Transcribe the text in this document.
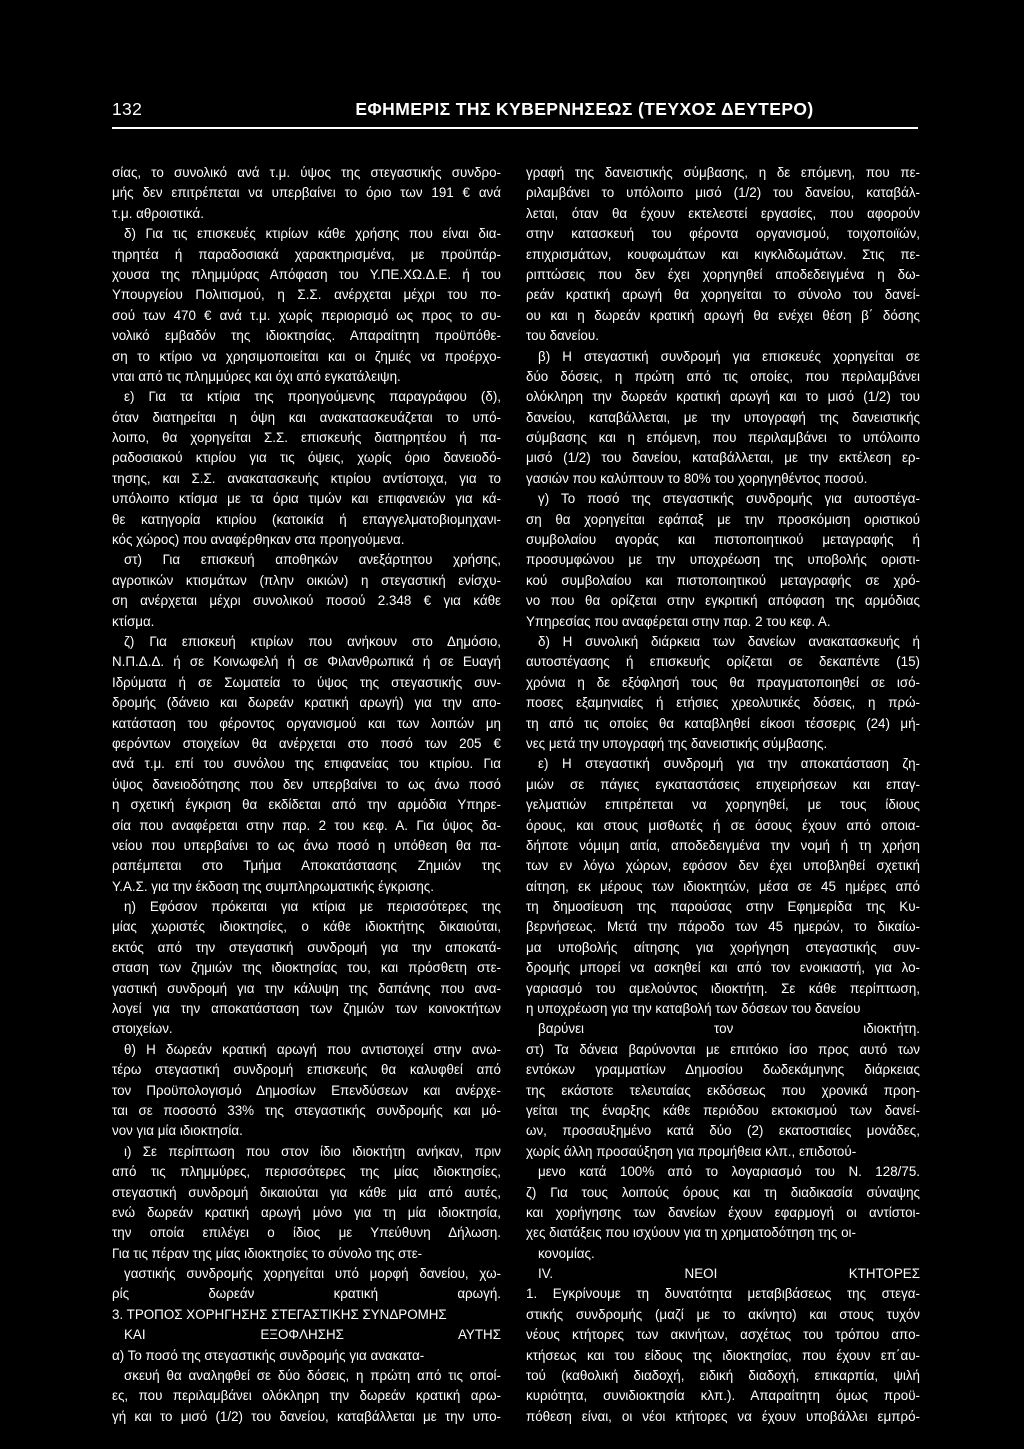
132	ΕΦΗΜΕΡΙΣ ΤΗΣ ΚΥΒΕΡΝΗΣΕΩΣ (ΤΕΥΧΟΣ ΔΕΥΤΕΡΟ)
σίας, το συνολικό ανά τ.μ. ύψος της στεγαστικής συνδρο-
μής δεν επιτρέπεται να υπερβαίνει το όριο των 191 € ανά
τ.μ. αθροιστικά.
δ) Για τις επισκευές κτιρίων κάθε χρήσης που είναι δια-
τηρητέα ή παραδοσιακά χαρακτηρισμένα, με προϋπάρ-
χουσα της πλημμύρας Απόφαση του Υ.ΠΕ.ΧΩ.Δ.Ε. ή του
Υπουργείου Πολιτισμού, η Σ.Σ. ανέρχεται μέχρι του πο-
σού των 470 € ανά τ.μ. χωρίς περιορισμό ως προς το συ-
νολικό εμβαδόν της ιδιοκτησίας. Απαραίτητη προϋπόθε-
ση το κτίριο να χρησιμοποιείται και οι ζημιές να προέρχο-
νται από τις πλημμύρες και όχι από εγκατάλειψη.
ε) Για τα κτίρια της προηγούμενης παραγράφου (δ),
όταν διατηρείται η όψη και ανακατασκευάζεται το υπό-
λοιπο, θα χορηγείται Σ.Σ. επισκευής διατηρητέου ή πα-
ραδοσιακού κτιρίου για τις όψεις, χωρίς όριο δανειοδό-
τησης, και Σ.Σ. ανακατασκευής κτιρίου αντίστοιχα, για το
υπόλοιπο κτίσμα με τα όρια τιμών και επιφανειών για κά-
θε κατηγορία κτιρίου (κατοικία ή επαγγελματοβιομηχανι-
κός χώρος) που αναφέρθηκαν στα προηγούμενα.
στ) Για επισκευή αποθηκών ανεξάρτητου χρήσης,
αγροτικών κτισμάτων (πλην οικιών) η στεγαστική ενίσχυ-
ση ανέρχεται μέχρι συνολικού ποσού 2.348 € για κάθε
κτίσμα.
ζ) Για επισκευή κτιρίων που ανήκουν στο Δημόσιο,
Ν.Π.Δ.Δ. ή σε Κοινωφελή ή σε Φιλανθρωπικά ή σε Ευαγή
Ιδρύματα ή σε Σωματεία το ύψος της στεγαστικής συν-
δρομής (δάνειο και δωρεάν κρατική αρωγή) για την απο-
κατάσταση του φέροντος οργανισμού και των λοιπών μη
φερόντων στοιχείων θα ανέρχεται στο ποσό των 205 €
ανά τ.μ. επί του συνόλου της επιφανείας του κτιρίου. Για
ύψος δανειοδότησης που δεν υπερβαίνει το ως άνω ποσό
η σχετική έγκριση θα εκδίδεται από την αρμόδια Υπηρε-
σία που αναφέρεται στην παρ. 2 του κεφ. Α. Για ύψος δα-
νείου που υπερβαίνει το ως άνω ποσό η υπόθεση θα πα-
ραπέμπεται στο Τμήμα Αποκατάστασης Ζημιών της
Υ.Α.Σ. για την έκδοση της συμπληρωματικής έγκρισης.
η) Εφόσον πρόκειται για κτίρια με περισσότερες της
μίας χωριστές ιδιοκτησίες, ο κάθε ιδιοκτήτης δικαιούται,
εκτός από την στεγαστική συνδρομή για την αποκατά-
σταση των ζημιών της ιδιοκτησίας του, και πρόσθετη στε-
γαστική συνδρομή για την κάλυψη της δαπάνης που ανα-
λογεί για την αποκατάσταση των ζημιών των κοινοκτήτων
στοιχείων.
θ) Η δωρεάν κρατική αρωγή που αντιστοιχεί στην ανω-
τέρω στεγαστική συνδρομή επισκευής θα καλυφθεί από
τον Προϋπολογισμό Δημοσίων Επενδύσεων και ανέρχε-
ται σε ποσοστό 33% της στεγαστικής συνδρομής και μό-
νον για μία ιδιοκτησία.
ι) Σε περίπτωση που στον ίδιο ιδιοκτήτη ανήκαν, πριν
από τις πλημμύρες, περισσότερες της μίας ιδιοκτησίες,
στεγαστική συνδρομή δικαιούται για κάθε μία από αυτές,
ενώ δωρεάν κρατική αρωγή μόνο για τη μία ιδιοκτησία,
την οποία επιλέγει ο ίδιος με Υπεύθυνη Δήλωση.
Για τις πέραν της μίας ιδιοκτησίες το σύνολο της στε-
γαστικής συνδρομής χορηγείται υπό μορφή δανείου, χω-
ρίς δωρεάν κρατική αρωγή.
3. ΤΡΟΠΟΣ ΧΟΡΗΓΗΣΗΣ ΣΤΕΓΑΣΤΙΚΗΣ ΣΥΝΔΡΟΜΗΣ
ΚΑΙ ΕΞΟΦΛΗΣΗΣ ΑΥΤΗΣ
α) Το ποσό της στεγαστικής συνδρομής για ανακατα-
σκευή θα αναληφθεί σε δύο δόσεις, η πρώτη από τις οποί-
ες, που περιλαμβάνει ολόκληρη την δωρεάν κρατική αρω-
γή και το μισό (1/2) του δανείου, καταβάλλεται με την υπο-
γραφή της δανειστικής σύμβασης, η δε επόμενη, που πε-
ριλαμβάνει το υπόλοιπο μισό (1/2) του δανείου, καταβάλ-
λεται, όταν θα έχουν εκτελεστεί εργασίες, που αφορούν
στην κατασκευή του φέροντα οργανισμού, τοιχοποιϊών,
επιχρισμάτων, κουφωμάτων και κιγκλιδωμάτων. Στις πε-
ριπτώσεις που δεν έχει χορηγηθεί αποδεδειγμένα η δω-
ρεάν κρατική αρωγή θα χορηγείται το σύνολο του δανεί-
ου και η δωρεάν κρατική αρωγή θα ενέχει θέση β΄ δόσης
του δανείου.
β) Η στεγαστική συνδρομή για επισκευές χορηγείται σε
δύο δόσεις, η πρώτη από τις οποίες, που περιλαμβάνει
ολόκληρη την δωρεάν κρατική αρωγή και το μισό (1/2) του
δανείου, καταβάλλεται, με την υπογραφή της δανειστικής
σύμβασης και η επόμενη, που περιλαμβάνει το υπόλοιπο
μισό (1/2) του δανείου, καταβάλλεται, με την εκτέλεση ερ-
γασιών που καλύπτουν το 80% του χορηγηθέντος ποσού.
γ) Το ποσό της στεγαστικής συνδρομής για αυτοστέγα-
ση θα χορηγείται εφάπαξ με την προσκόμιση οριστικού
συμβολαίου αγοράς και πιστοποιητικού μεταγραφής ή
προσυμφώνου με την υποχρέωση της υποβολής οριστι-
κού συμβολαίου και πιστοποιητικού μεταγραφής σε χρό-
νο που θα ορίζεται στην εγκριτική απόφαση της αρμόδιας
Υπηρεσίας που αναφέρεται στην παρ. 2 του κεφ. Α.
δ) Η συνολική διάρκεια των δανείων ανακατασκευής ή
αυτοστέγασης ή επισκευής ορίζεται σε δεκαπέντε (15)
χρόνια η δε εξόφλησή τους θα πραγματοποιηθεί σε ισό-
ποσες εξαμηνιαίες ή ετήσιες χρεολυτικές δόσεις, η πρώ-
τη από τις οποίες θα καταβληθεί είκοσι τέσσερις (24) μή-
νες μετά την υπογραφή της δανειστικής σύμβασης.
ε) Η στεγαστική συνδρομή για την αποκατάσταση ζη-
μιών σε πάγιες εγκαταστάσεις επιχειρήσεων και επαγ-
γελματιών επιτρέπεται να χορηγηθεί, με τους ίδιους
όρους, και στους μισθωτές ή σε όσους έχουν από οποια-
δήποτε νόμιμη αιτία, αποδεδειγμένα την νομή ή τη χρήση
των εν λόγω χώρων, εφόσον δεν έχει υποβληθεί σχετική
αίτηση, εκ μέρους των ιδιοκτητών, μέσα σε 45 ημέρες από
τη δημοσίευση της παρούσας στην Εφημερίδα της Κυ-
βερνήσεως. Μετά την πάροδο των 45 ημερών, το δικαίω-
μα υποβολής αίτησης για χορήγηση στεγαστικής συν-
δρομής μπορεί να ασκηθεί και από τον ενοικιαστή, για λο-
γαριασμό του αμελούντος ιδιοκτήτη. Σε κάθε περίπτωση,
η υποχρέωση για την καταβολή των δόσεων του δανείου
βαρύνει τον ιδιοκτήτη.
στ) Τα δάνεια βαρύνονται με επιτόκιο ίσο προς αυτό των
εντόκων γραμματίων Δημοσίου δωδεκάμηνης διάρκειας
της εκάστοτε τελευταίας εκδόσεως που χρονικά προη-
γείται της έναρξης κάθε περιόδου εκτοκισμού των δανεί-
ων, προσαυξημένο κατά δύο (2) εκατοστιαίες μονάδες,
χωρίς άλλη προσαύξηση για προμήθεια κλπ., επιδοτού-
μενο κατά 100% από το λογαριασμό του Ν. 128/75.
ζ) Για τους λοιπούς όρους και τη διαδικασία σύναψης
και χορήγησης των δανείων έχουν εφαρμογή οι αντίστοι-
χες διατάξεις που ισχύουν για τη χρηματοδότηση της οι-
κονομίας.
IV. ΝΕΟΙ ΚΤΗΤΟΡΕΣ
1. Εγκρίνουμε τη δυνατότητα μεταβιβάσεως της στεγα-
στικής συνδρομής (μαζί με το ακίνητο) και στους τυχόν
νέους κτήτορες των ακινήτων, ασχέτως του τρόπου απο-
κτήσεως και του είδους της ιδιοκτησίας, που έχουν επ΄αυ-
τού (καθολική διαδοχή, ειδική διαδοχή, επικαρπία, ψιλή
κυριότητα, συνιδιοκτησία κλπ.). Απαραίτητη όμως προϋ-
πόθεση είναι, οι νέοι κτήτορες να έχουν υποβάλλει εμπρό-
